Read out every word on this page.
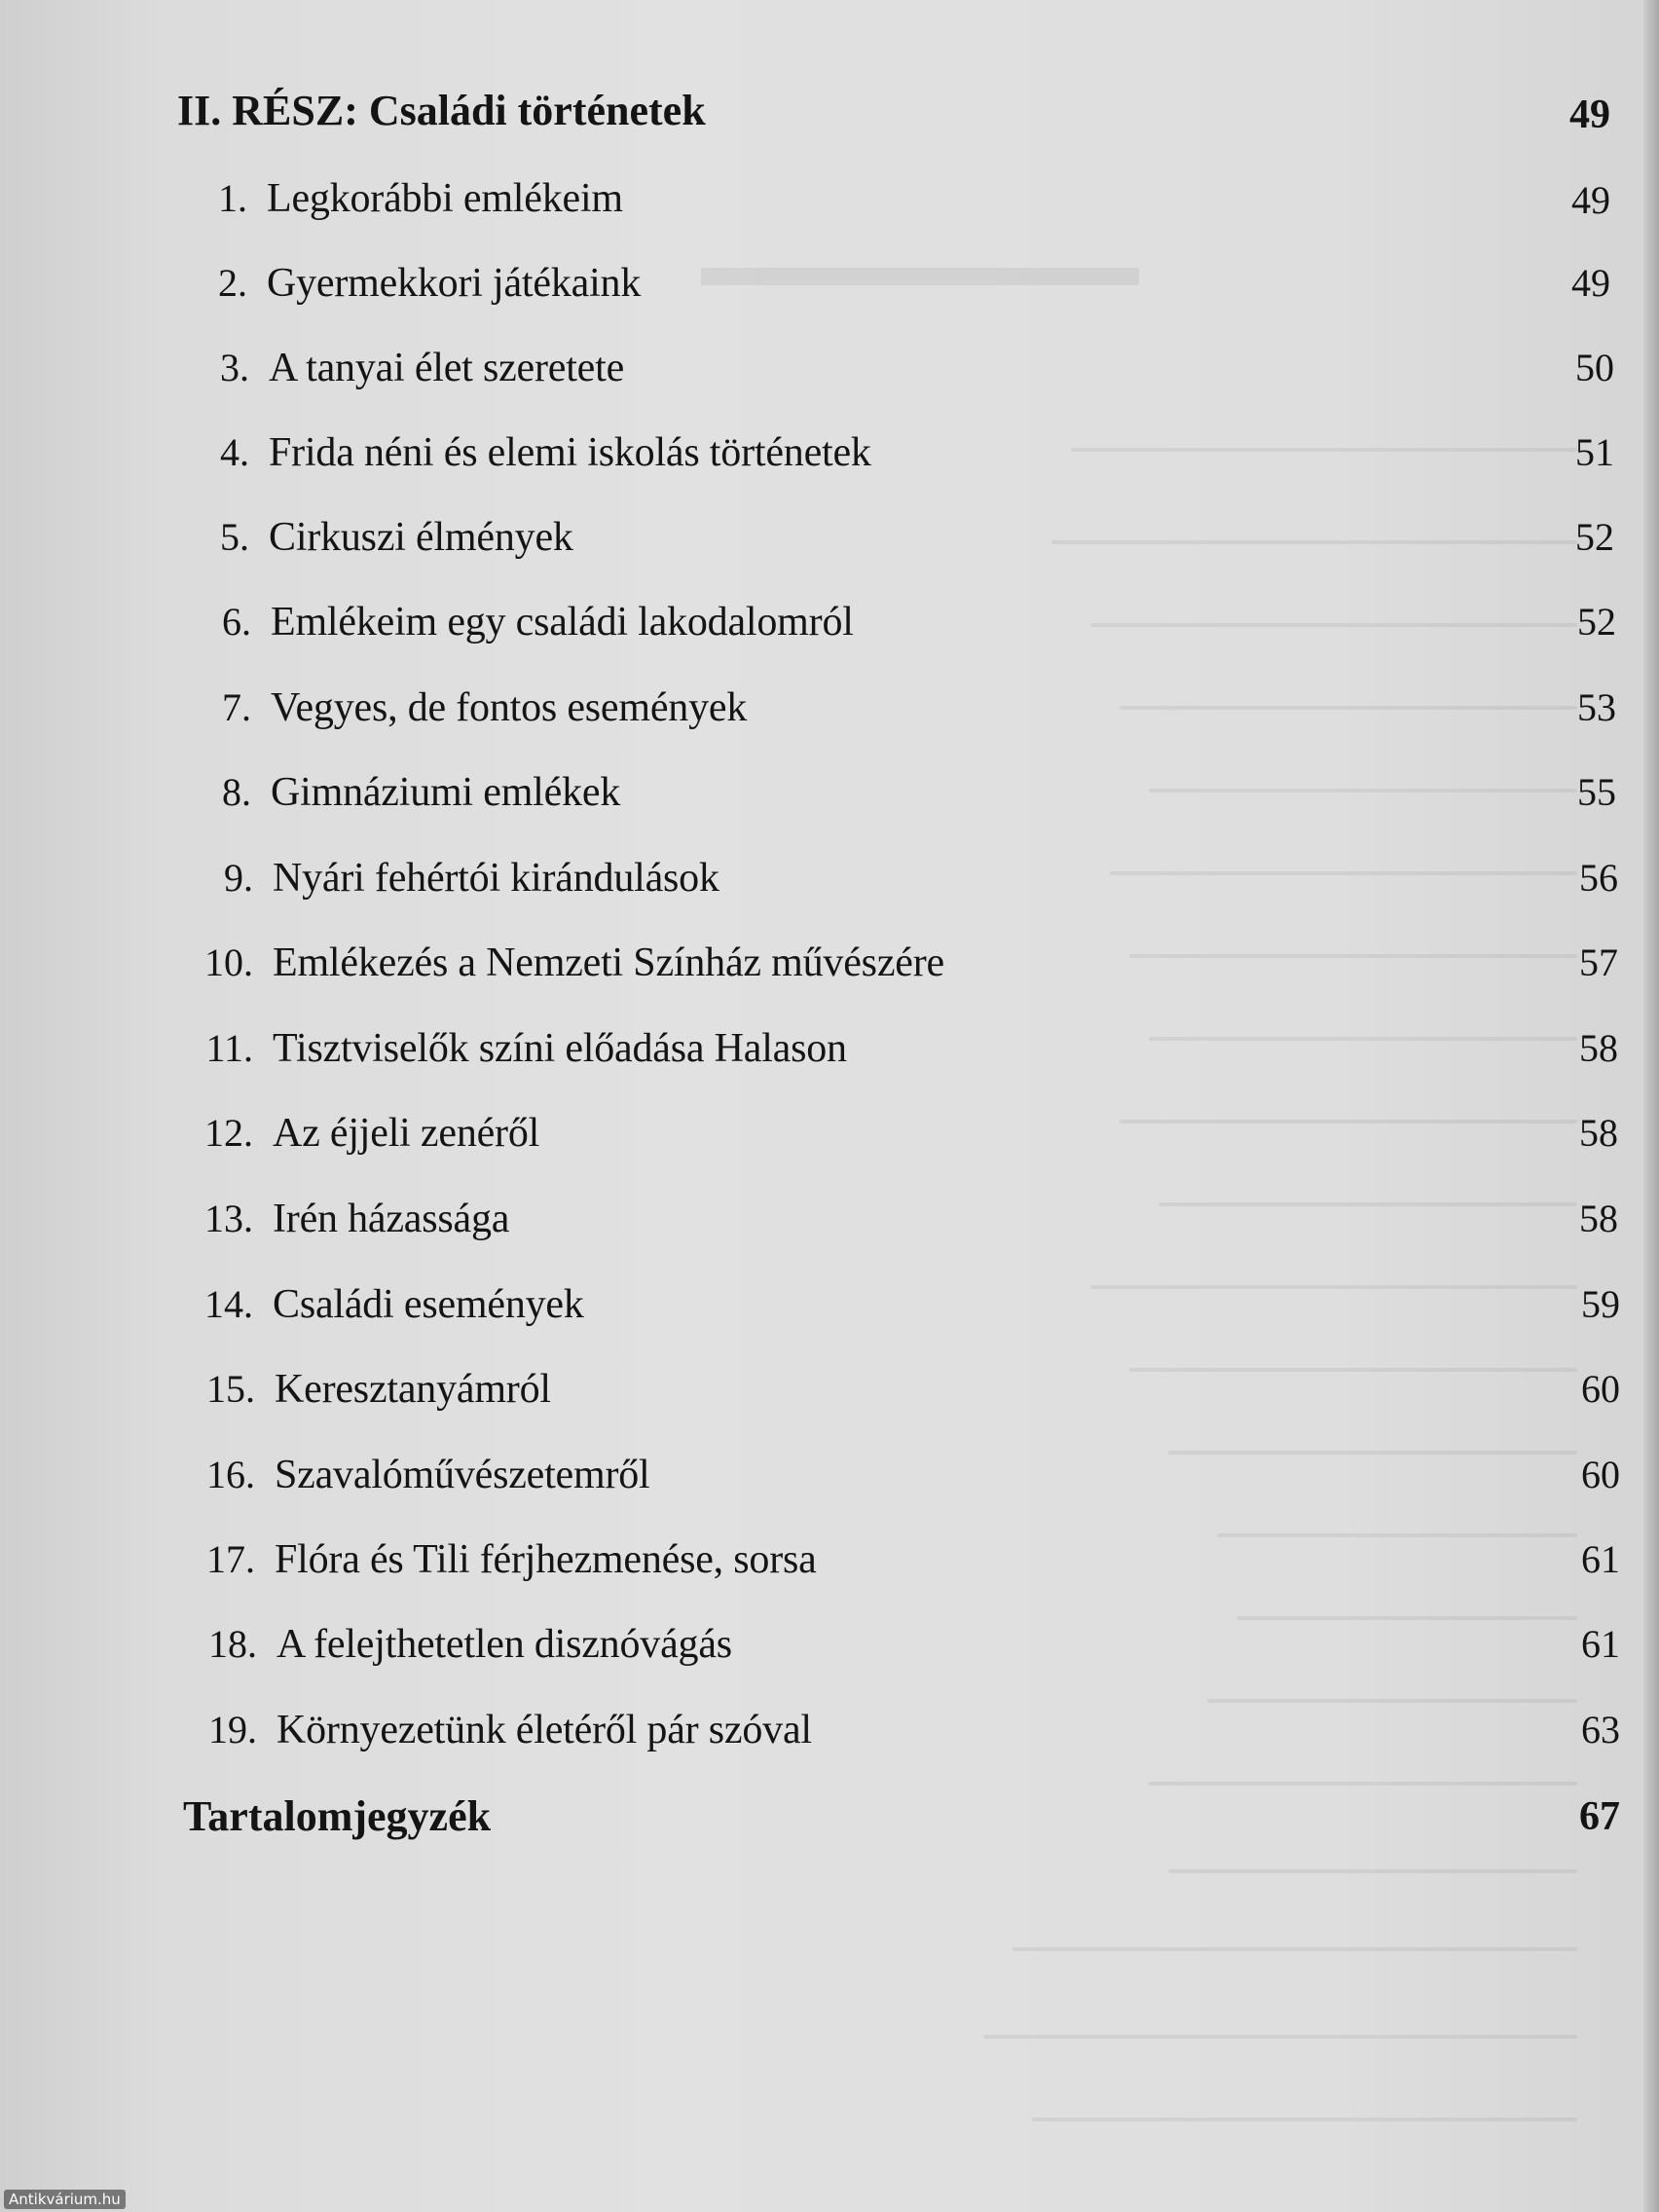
II. RÉSZ: Családi történetek	49
1. Legkorábbi emlékeim	49
2. Gyermekkori játékaink	49
3. A tanyai élet szeretete	50
4. Frida néni és elemi iskolás történetek	51
5. Cirkuszi élmények	52
6. Emlékeim egy családi lakodalomról	52
7. Vegyes, de fontos események	53
8. Gimnáziumi emlékek	55
9. Nyári fehértói kirándulások	56
10. Emlékezés a Nemzeti Színház művészére	57
11. Tisztviselők színi előadása Halason	58
12. Az éjjeli zenéről	58
13. Irén házassága	58
14. Családi események	59
15. Keresztanyámról	60
16. Szavalóművészetemről	60
17. Flóra és Tili férjhezmenése, sorsa	61
18. A felejthetetlen disznóvágás	61
19. Környezetünk életéről pár szóval	63
Tartalomjegyzék	67
Antikvárium.hu
